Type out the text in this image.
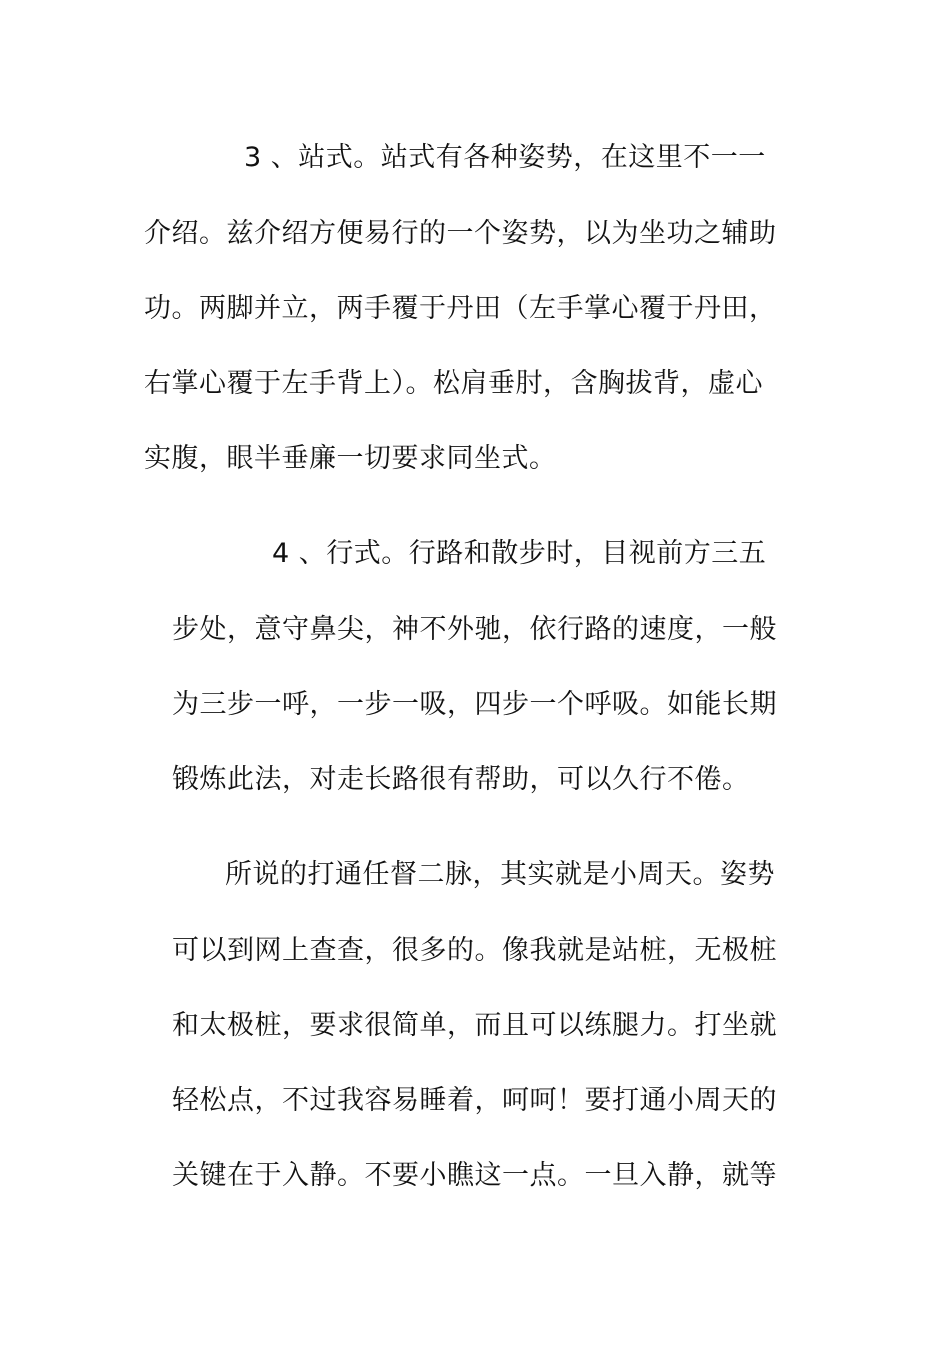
3 、站式。站式有各种姿势，在这里不一一
介绍。兹介绍方便易行的一个姿势，以为坐功之辅助
功。两脚并立，两手覆于丹田（左手掌心覆于丹田，
右掌心覆于左手背上）。松肩垂肘，含胸拔背，虚心
实腹，眼半垂廉一切要求同坐式。
4 、行式。行路和散步时，目视前方三五
步处，意守鼻尖，神不外驰，依行路的速度，一般
为三步一呼，一步一吸，四步一个呼吸。如能长期
锻炼此法，对走长路很有帮助，可以久行不倦。
所说的打通任督二脉，其实就是小周天。姿势
可以到网上查查，很多的。像我就是站桩，无极桩
和太极桩，要求很简单，而且可以练腿力。打坐就
轻松点，不过我容易睡着，呵呵！要打通小周天的
关键在于入静。不要小瞧这一点。一旦入静，就等
